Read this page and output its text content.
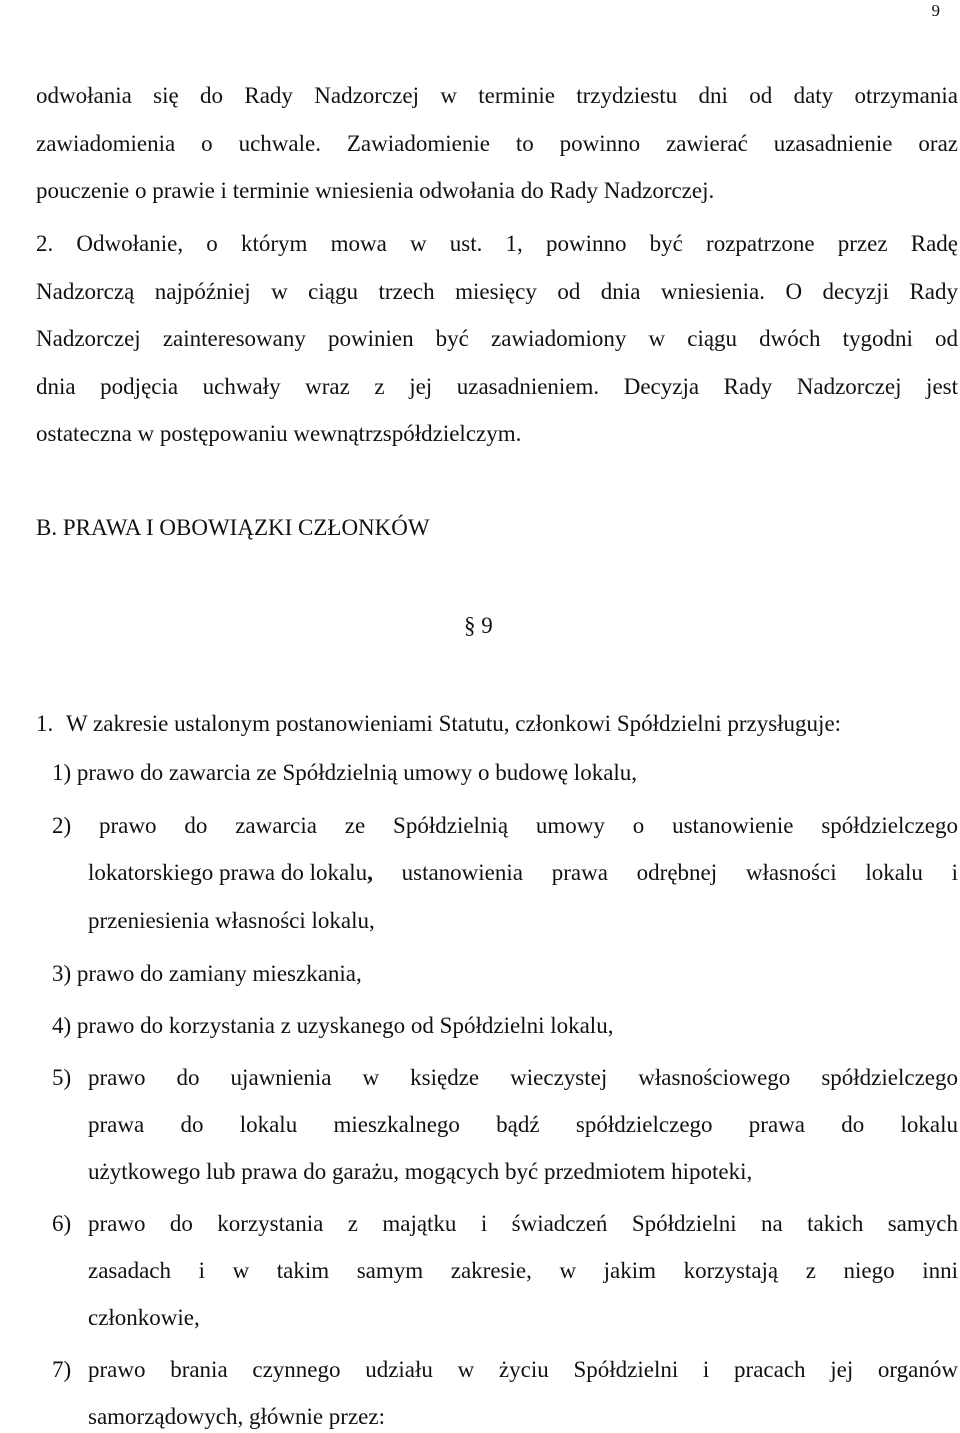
9

odwołania się do Rady Nadzorczej w terminie trzydziestu dni od daty otrzymania

zawiadomienia o uchwale. Zawiadomienie to powinno zawierać uzasadnienie oraz

pouczenie o prawie i terminie wniesienia odwołania do Rady Nadzorczej.

2. Odwołanie, o którym mowa w ust. 1, powinno być rozpatrzone przez Radę

Nadzorczą najpóźniej w ciągu trzech miesięcy od dnia wniesienia. O decyzji Rady

Nadzorczej zainteresowany powinien być zawiadomiony w ciągu dwóch tygodni od

dnia podjęcia uchwały wraz z jej uzasadnieniem. Decyzja Rady Nadzorczej jest

ostateczna w postępowaniu wewnątrzspółdzielczym.

B. PRAWA I OBOWIĄZKI CZŁONKÓW
§ 9
1. W zakresie ustalonym postanowieniami Statutu, członkowi Spółdzielni przysługuje:

1) prawo do zawarcia ze Spółdzielnią umowy o budowę lokalu,

2) prawo do zawarcia ze Spółdzielnią umowy o ustanowienie spółdzielczego

lokatorskiego prawa do lokalu, ustanowienia prawa odrębnej własności lokalu i

przeniesienia własności lokalu,

3) prawo do zamiany mieszkania,

4) prawo do korzystania z uzyskanego od Spółdzielni lokalu,

5) prawo do ujawnienia w księdze wieczystej własnościowego spółdzielczego

prawa do lokalu mieszkalnego bądź spółdzielczego prawa do lokalu

użytkowego lub prawa do garażu, mogących być przedmiotem hipoteki,

6) prawo do korzystania z majątku i świadczeń Spółdzielni na takich samych

zasadach i w takim samym zakresie, w jakim korzystają z niego inni

członkowie,

7) prawo brania czynnego udziału w życiu Spółdzielni i pracach jej organów

samorządowych, głównie przez:
